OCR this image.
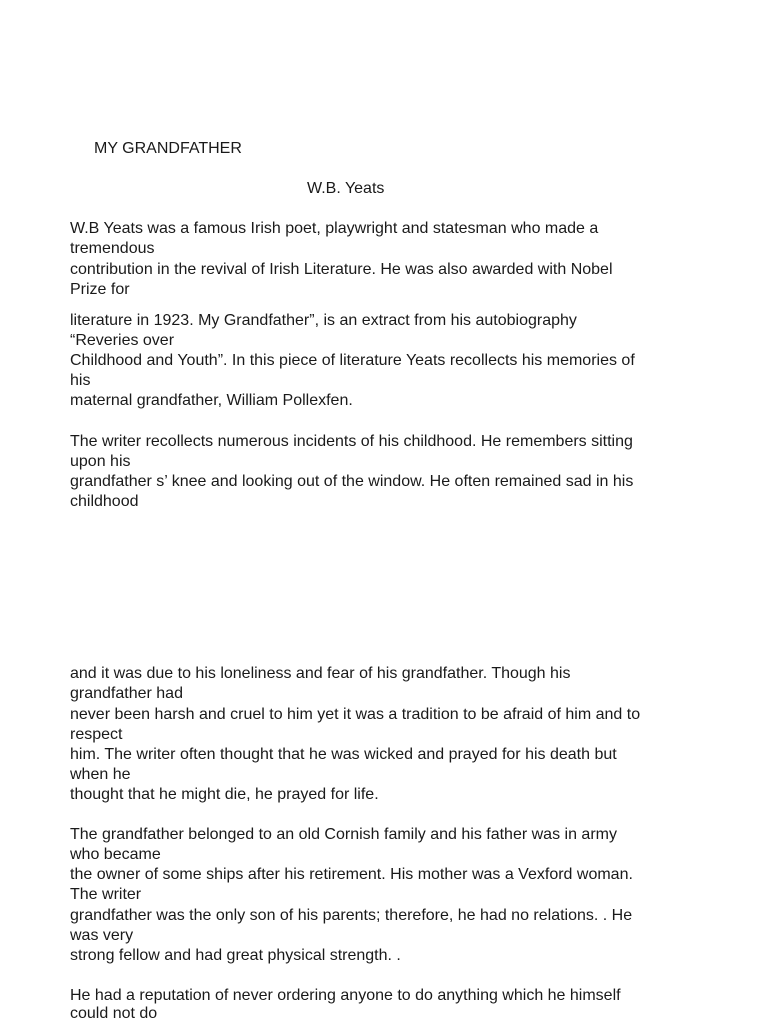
MY GRANDFATHER
W.B. Yeats
W.B Yeats was a famous Irish poet, playwright and statesman who made a
tremendous
contribution in the revival of Irish Literature. He was also awarded with Nobel
Prize for
literature in 1923. My Grandfather”, is an extract from his autobiography
“Reveries over
Childhood and Youth”. In this piece of literature Yeats recollects his memories of
his
maternal grandfather, William Pollexfen.
The writer recollects numerous incidents of his childhood. He remembers sitting
upon his
grandfather s’ knee and looking out of the window. He often remained sad in his
childhood
and it was due to his loneliness and fear of his grandfather. Though his
grandfather had
never been harsh and cruel to him yet it was a tradition to be afraid of him and to
respect
him. The writer often thought that he was wicked and prayed for his death but
when he
thought that he might die, he prayed for life.
The grandfather belonged to an old Cornish family and his father was in army
who became
the owner of some ships after his retirement. His mother was a Vexford woman.
The writer
grandfather was the only son of his parents; therefore, he had no relations. . He
was very
strong fellow and had great physical strength. .
He had a reputation of never ordering anyone to do anything which he himself
could not do
